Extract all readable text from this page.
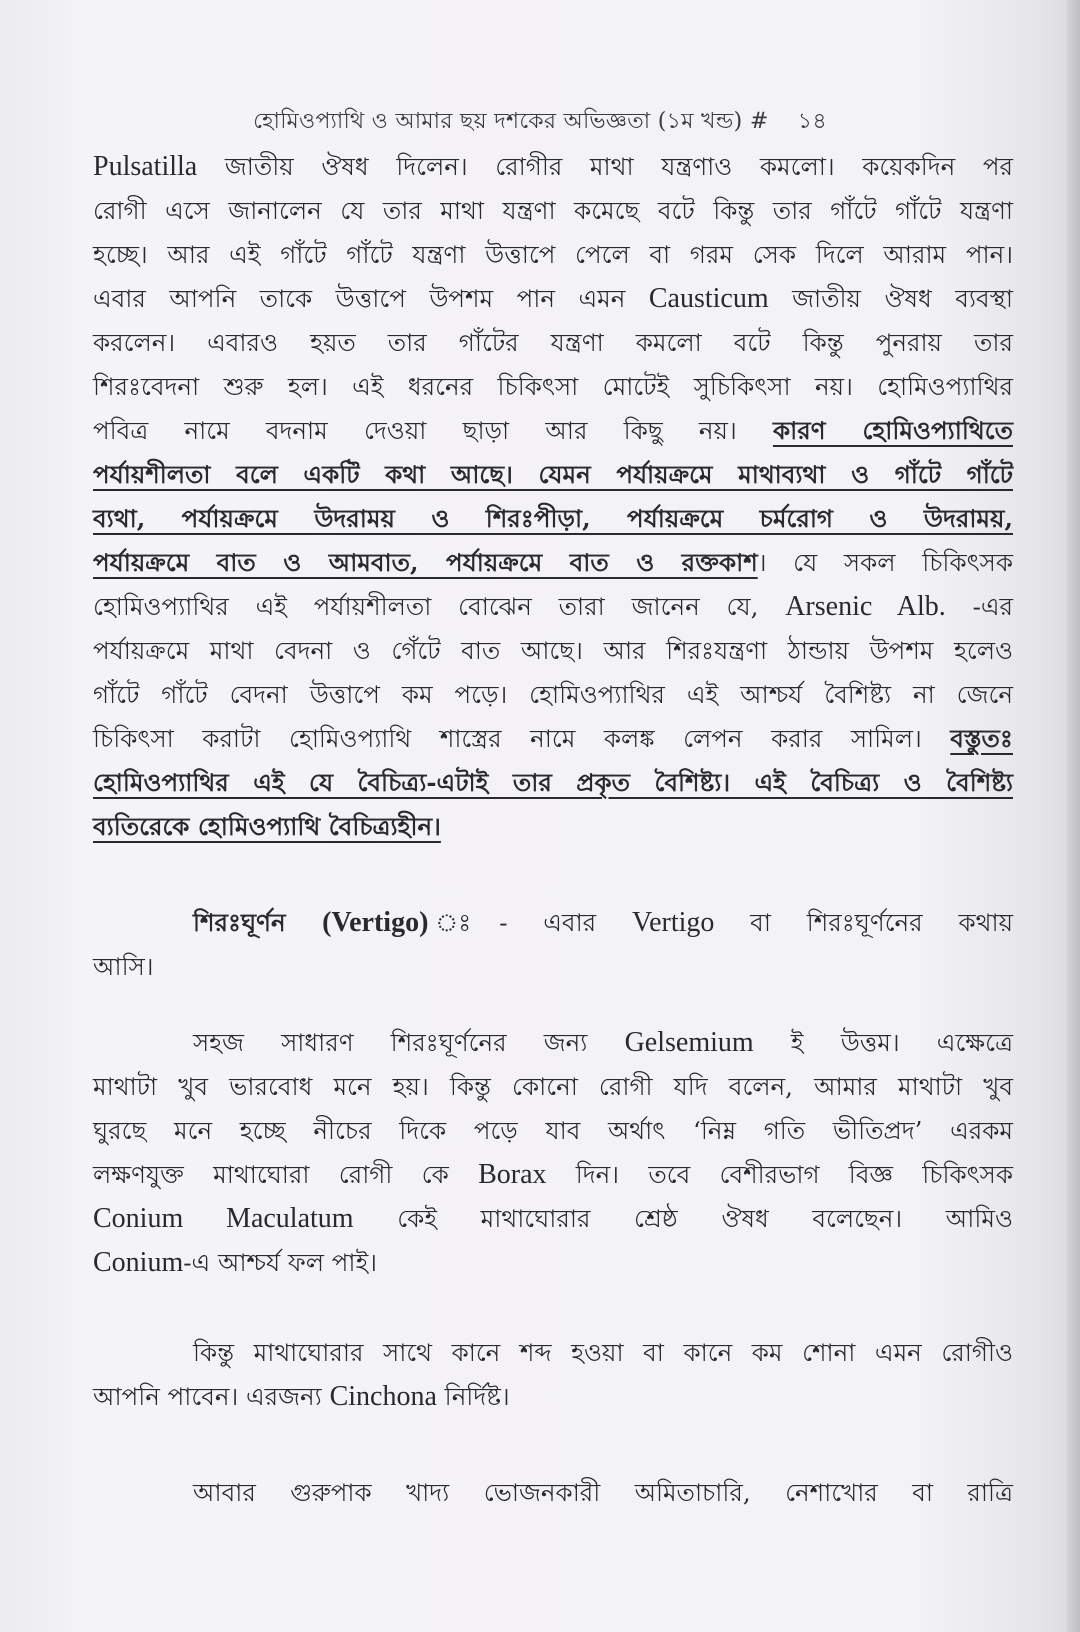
হোমিওপ্যাথি ও আমার ছয় দশকের অভিজ্ঞতা (১ম খন্ড) # ১৪
Pulsatilla জাতীয় ঔষধ দিলেন। রোগীর মাথা যন্ত্রণাও কমলো। কয়েকদিন পর
রোগী এসে জানালেন যে তার মাথা যন্ত্রণা কমেছে বটে কিন্তু তার গাঁটে গাঁটে যন্ত্রণা
হচ্ছে। আর এই গাঁটে গাঁটে যন্ত্রণা উত্তাপে পেলে বা গরম সেক দিলে আরাম পান।
এবার আপনি তাকে উত্তাপে উপশম পান এমন Causticum জাতীয় ঔষধ ব্যবস্থা
করলেন। এবারও হয়ত তার গাঁটের যন্ত্রণা কমলো বটে কিন্তু পুনরায় তার
শিরঃবেদনা শুরু হল। এই ধরনের চিকিৎসা মোটেই সুচিকিৎসা নয়। হোমিওপ্যাথির
পবিত্র নামে বদনাম দেওয়া ছাড়া আর কিছু নয়। কারণ হোমিওপ্যাথিতে
পর্যায়শীলতা বলে একটি কথা আছে। যেমন পর্যায়ক্রমে মাথাব্যথা ও গাঁটে গাঁটে
ব্যথা, পর্যায়ক্রমে উদরাময় ও শিরঃপীড়া, পর্যায়ক্রমে চর্মরোগ ও উদরাময়,
পর্যায়ক্রমে বাত ও আমবাত, পর্যায়ক্রমে বাত ও রক্তকাশ। যে সকল চিকিৎসক
হোমিওপ্যাথির এই পর্যায়শীলতা বোঝেন তারা জানেন যে, Arsenic Alb. -এর
পর্যায়ক্রমে মাথা বেদনা ও গেঁটে বাত আছে। আর শিরঃযন্ত্রণা ঠান্ডায় উপশম হলেও
গাঁটে গাঁটে বেদনা উত্তাপে কম পড়ে। হোমিওপ্যাথির এই আশ্চর্য বৈশিষ্ট্য না জেনে
চিকিৎসা করাটা হোমিওপ্যাথি শাস্ত্রের নামে কলঙ্ক লেপন করার সামিল। বস্তুতঃ
হোমিওপ্যাথির এই যে বৈচিত্র্য-এটাই তার প্রকৃত বৈশিষ্ট্য। এই বৈচিত্র্য ও বৈশিষ্ট্য
ব্যতিরেকে হোমিওপ্যাথি বৈচিত্র্যহীন।
শিরঃঘূর্ণন (Vertigo) ঃ- এবার Vertigo বা শিরঃঘূর্ণনের কথায়
আসি।
সহজ সাধারণ শিরঃঘূর্ণনের জন্য Gelsemium ই উত্তম। এক্ষেত্রে
মাথাটা খুব ভারবোধ মনে হয়। কিন্তু কোনো রোগী যদি বলেন, আমার মাথাটা খুব
ঘুরছে মনে হচ্ছে নীচের দিকে পড়ে যাব অর্থাৎ ‘নিম্ন গতি ভীতিপ্রদ’ এরকম
লক্ষণযুক্ত মাথাঘোরা রোগী কে Borax দিন। তবে বেশীরভাগ বিজ্ঞ চিকিৎসক
Conium Maculatum কেই মাথাঘোরার শ্রেষ্ঠ ঔষধ বলেছেন। আমিও
Conium-এ আশ্চর্য ফল পাই।
কিন্তু মাথাঘোরার সাথে কানে শব্দ হওয়া বা কানে কম শোনা এমন রোগীও
আপনি পাবেন। এরজন্য Cinchona নির্দিষ্ট।
আবার গুরুপাক খাদ্য ভোজনকারী অমিতাচারি, নেশাখোর বা রাত্রি
